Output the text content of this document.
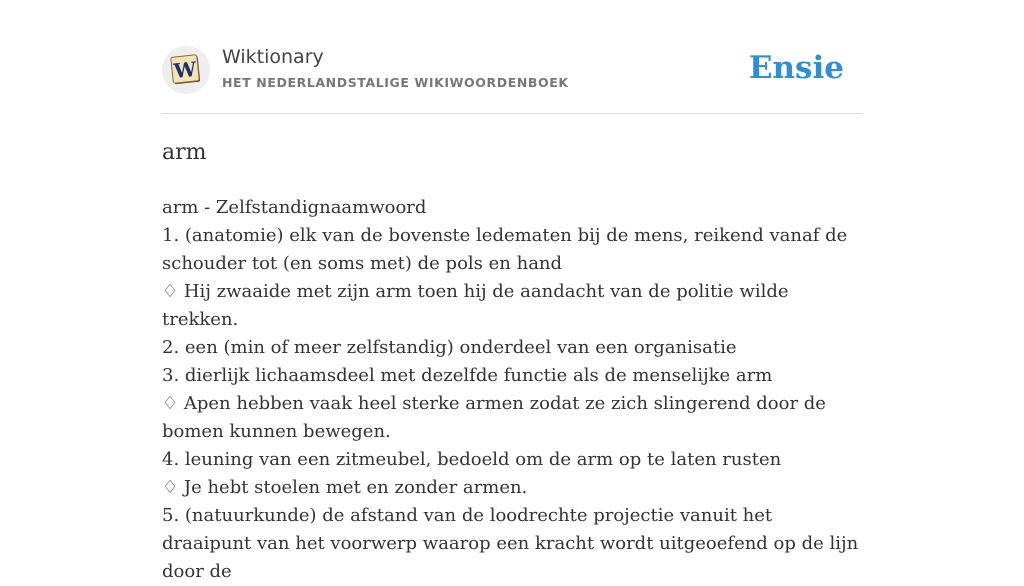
W Wiktionary
HET NEDERLANDSTALIGE WIKIWOORDENBOEK	Ensie
arm
arm - Zelfstandignaamwoord
1. (anatomie) elk van de bovenste ledematen bij de mens, reikend vanaf de schouder tot (en soms met) de pols en hand
♢ Hij zwaaide met zijn arm toen hij de aandacht van de politie wilde trekken.
2. een (min of meer zelfstandig) onderdeel van een organisatie
3. dierlijk lichaamsdeel met dezelfde functie als de menselijke arm
♢ Apen hebben vaak heel sterke armen zodat ze zich slingerend door de bomen kunnen bewegen.
4. leuning van een zitmeubel, bedoeld om de arm op te laten rusten
♢ Je hebt stoelen met en zonder armen.
5. (natuurkunde) de afstand van de loodrechte projectie vanuit het draaipunt van het voorwerp waarop een kracht wordt uitgeoefend op de lijn door de
